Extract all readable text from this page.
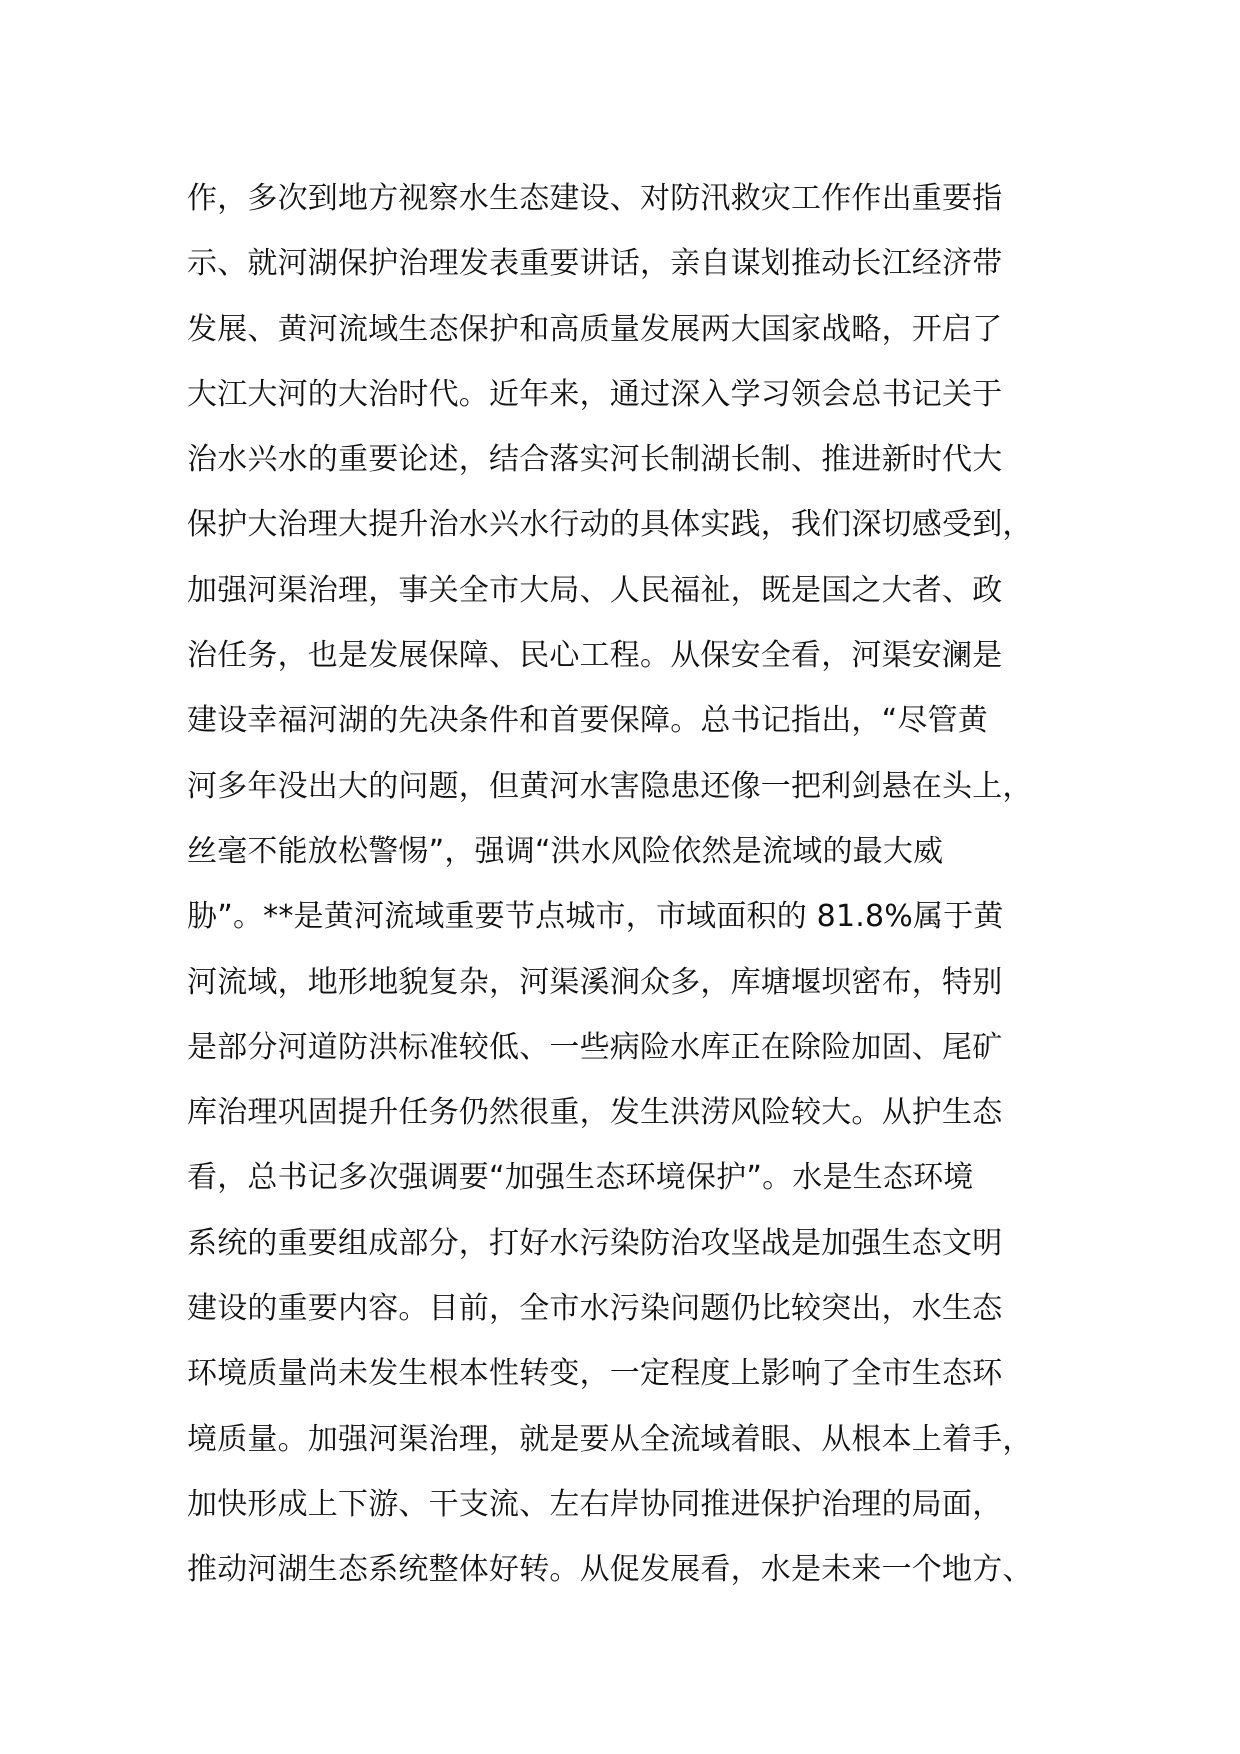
作，多次到地方视察水生态建设、对防汛救灾工作作出重要指
示、就河湖保护治理发表重要讲话，亲自谋划推动长江经济带
发展、黄河流域生态保护和高质量发展两大国家战略，开启了
大江大河的大治时代。近年来，通过深入学习领会总书记关于
治水兴水的重要论述，结合落实河长制湖长制、推进新时代大
保护大治理大提升治水兴水行动的具体实践，我们深切感受到，
加强河渠治理，事关全市大局、人民福祉，既是国之大者、政
治任务，也是发展保障、民心工程。从保安全看，河渠安澜是
建设幸福河湖的先决条件和首要保障。总书记指出，“尽管黄
河多年没出大的问题，但黄河水害隐患还像一把利剑悬在头上，
丝毫不能放松警惕”，强调“洪水风险依然是流域的最大威
胁”。**是黄河流域重要节点城市，市域面积的 81.8%属于黄
河流域，地形地貌复杂，河渠溪涧众多，库塘堰坝密布，特别
是部分河道防洪标准较低、一些病险水库正在除险加固、尾矿
库治理巩固提升任务仍然很重，发生洪涝风险较大。从护生态
看，总书记多次强调要“加强生态环境保护”。水是生态环境
系统的重要组成部分，打好水污染防治攻坚战是加强生态文明
建设的重要内容。目前，全市水污染问题仍比较突出，水生态
环境质量尚未发生根本性转变，一定程度上影响了全市生态环
境质量。加强河渠治理，就是要从全流域着眼、从根本上着手，
加快形成上下游、干支流、左右岸协同推进保护治理的局面，
推动河湖生态系统整体好转。从促发展看，水是未来一个地方、
